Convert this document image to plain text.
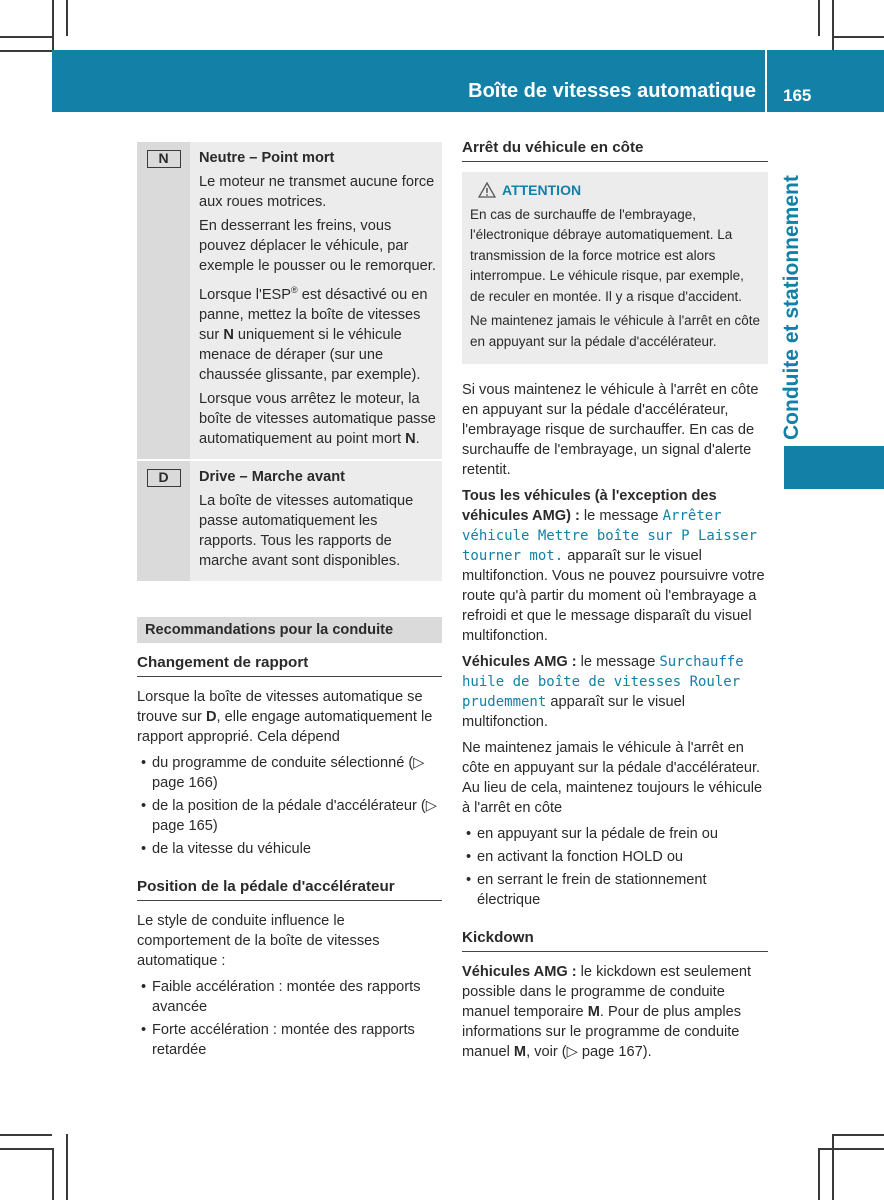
Boîte de vitesses automatique 165
Conduite et stationnement
N	Neutre – Point mort

Le moteur ne transmet aucune force aux roues motrices.

En desserrant les freins, vous pouvez déplacer le véhicule, par exemple le pousser ou le remorquer.

Lorsque l'ESP® est désactivé ou en panne, mettez la boîte de vitesses sur N uniquement si le véhicule menace de déraper (sur une chaussée glissante, par exemple).

Lorsque vous arrêtez le moteur, la boîte de vitesses automatique passe automatiquement au point mort N.

D	Drive – Marche avant

La boîte de vitesses automatique passe automatiquement les rapports. Tous les rapports de marche avant sont disponibles.

Recommandations pour la conduite
Changement de rapport

Lorsque la boîte de vitesses automatique se trouve sur D, elle engage automatiquement le rapport approprié. Cela dépend

• du programme de conduite sélectionné (▷ page 166)
• de la position de la pédale d'accélérateur (▷ page 165)
• de la vitesse du véhicule
Position de la pédale d'accélérateur

Le style de conduite influence le comportement de la boîte de vitesses automatique :

• Faible accélération : montée des rapports avancée
• Forte accélération : montée des rapports retardée
Arrêt du véhicule en côte
ATTENTION

En cas de surchauffe de l'embrayage, l'électronique débraye automatiquement. La transmission de la force motrice est alors interrompue. Le véhicule risque, par exemple, de reculer en montée. Il y a risque d'accident.

Ne maintenez jamais le véhicule à l'arrêt en côte en appuyant sur la pédale d'accélérateur.

Si vous maintenez le véhicule à l'arrêt en côte en appuyant sur la pédale d'accélérateur, l'embrayage risque de surchauffer. En cas de surchauffe de l'embrayage, un signal d'alerte retentit.

Tous les véhicules (à l'exception des véhicules AMG) : le message Arrêter véhicule Mettre boîte sur P Laisser tourner mot. apparaît sur le visuel multifonction. Vous ne pouvez poursuivre votre route qu'à partir du moment où l'embrayage a refroidi et que le message disparaît du visuel multifonction.

Véhicules AMG : le message Surchauffe huile de boîte de vitesses Rouler prudemment apparaît sur le visuel multifonction.

Ne maintenez jamais le véhicule à l'arrêt en côte en appuyant sur la pédale d'accélérateur. Au lieu de cela, maintenez toujours le véhicule à l'arrêt en côte

• en appuyant sur la pédale de frein ou
• en activant la fonction HOLD ou
• en serrant le frein de stationnement électrique
Kickdown

Véhicules AMG : le kickdown est seulement possible dans le programme de conduite manuel temporaire M. Pour de plus amples informations sur le programme de conduite manuel M, voir (▷ page 167).
